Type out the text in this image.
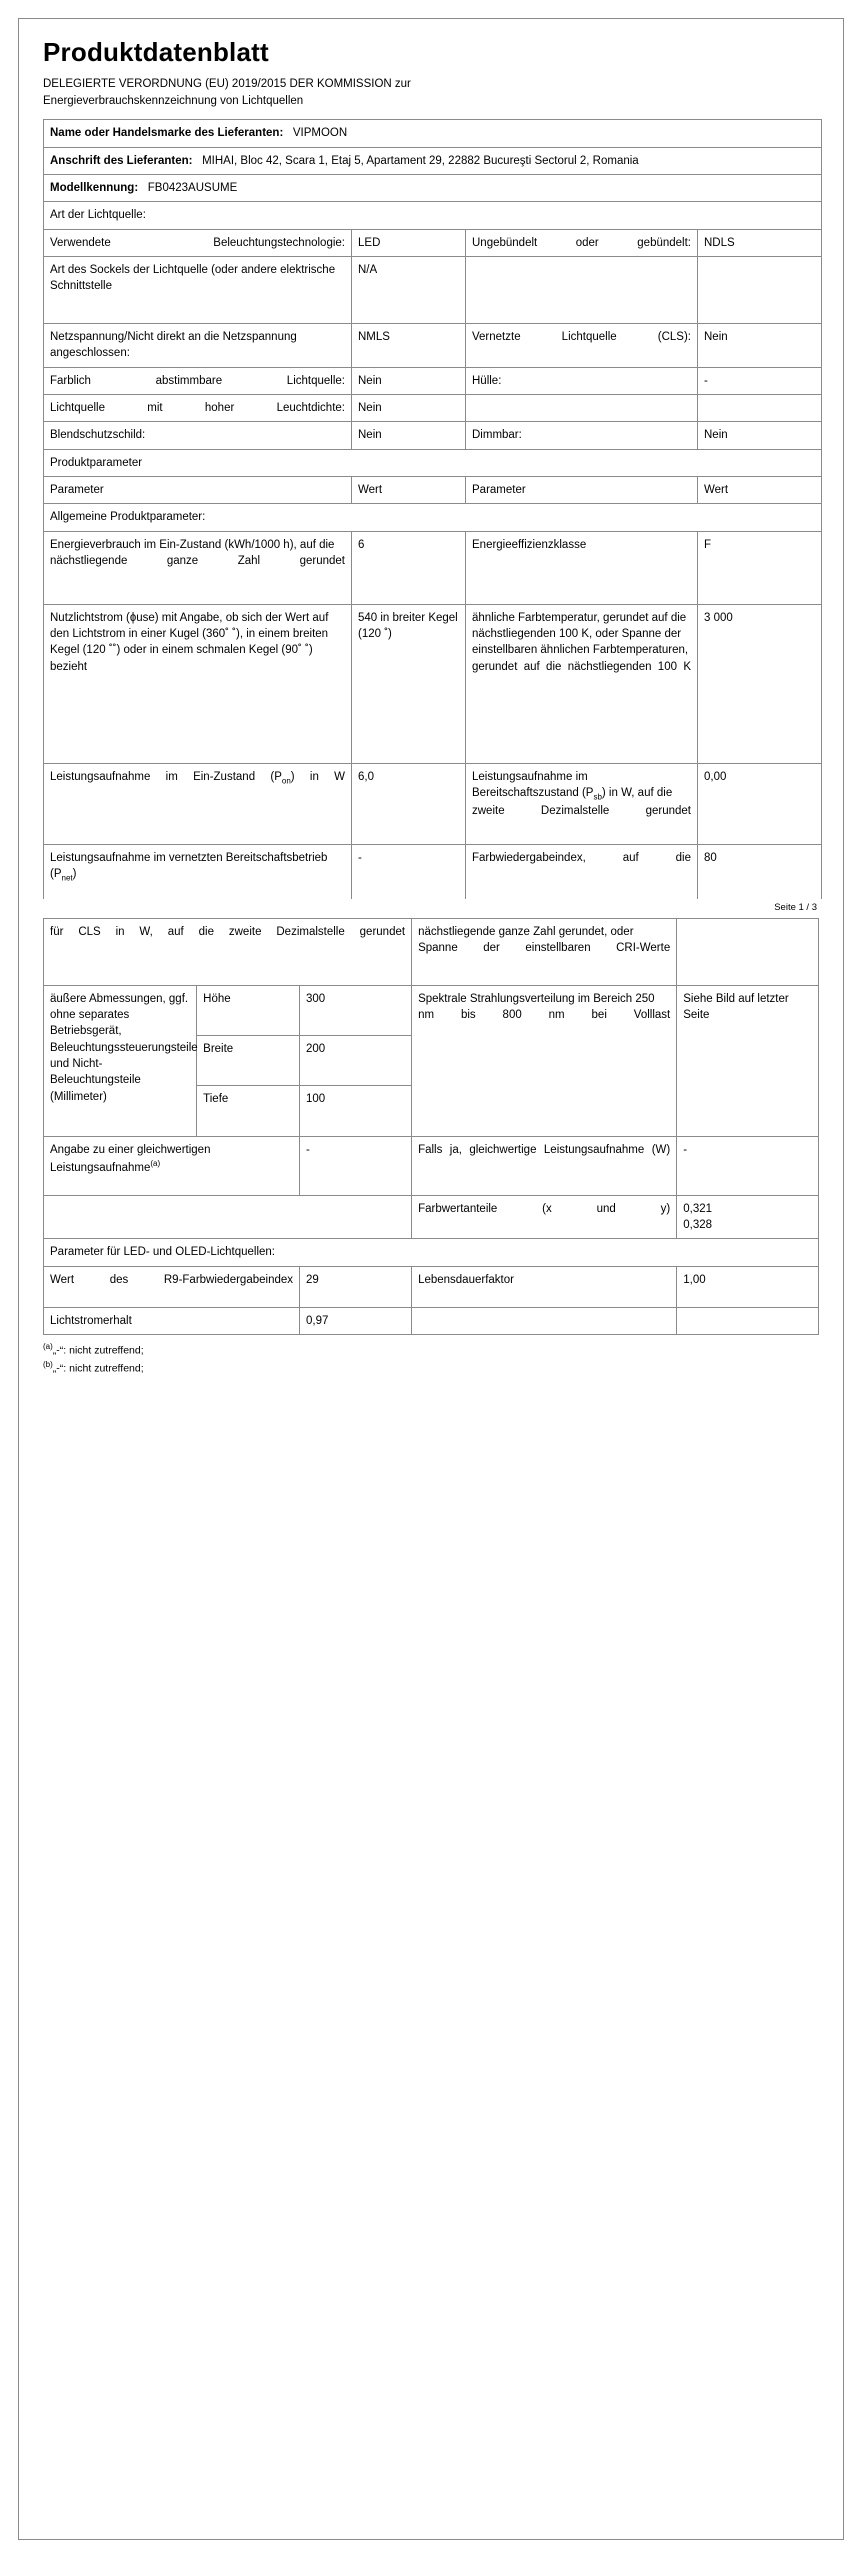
Produktdatenblatt
DELEGIERTE VERORDNUNG (EU) 2019/2015 DER KOMMISSION zur
Energieverbrauchskennzeichnung von Lichtquellen
Name oder Handelsmarke des Lieferanten: VIPMOON			
Anschrift des Lieferanten: MIHAI, Bloc 42, Scara 1, Etaj 5, Apartament 29, 22882 Bucureşti Sectorul 2, Romania			
Modellkennung: FB0423AUSUME			
Art der Lichtquelle:			
Verwendete Beleuchtungstechnologie:	LED	Ungebündelt oder gebündelt:	NDLS
Art des Sockels der Lichtquelle (oder andere elektrische Schnittstelle	N/A		
Netzspannung/Nicht direkt an die Netzspannung angeschlossen:	NMLS	Vernetzte Lichtquelle (CLS):	Nein
Farblich abstimmbare Lichtquelle:	Nein	Hülle:	-
Lichtquelle mit hoher Leuchtdichte:	Nein		
Blendschutzschild:	Nein	Dimmbar:	Nein
Produktparameter			
Parameter	Wert	Parameter	Wert
Allgemeine Produktparameter:			
Energieverbrauch im Ein-Zustand (kWh/1000 h), auf die nächstliegende ganze Zahl gerundet	6	Energieeffizienzklasse	F
Nutzlichtstrom (ɸuse) mit Angabe, ob sich der Wert auf den Lichtstrom in einer Kugel (360˚ ˚), in einem breiten Kegel (120 ˚˚) oder in einem schmalen Kegel (90˚ ˚) bezieht	540 in breiter Kegel (120 ˚)	ähnliche Farbtemperatur, gerundet auf die nächstliegenden 100 K, oder Spanne der einstellbaren ähnlichen Farbtemperaturen, gerundet auf die nächstliegenden 100 K	3 000
Leistungsaufnahme im Ein-Zustand $(P_{on})$ in W	6,0	Leistungsaufnahme im Bereitschaftszustand $(P_{sb})$ in W, auf die zweite Dezimalstelle gerundet	0,00
Leistungsaufnahme im vernetzten Bereitschaftsbetrieb $(P_{net})$	-	Farbwiedergabeindex, auf die	80
Seite 1 / 3
für CLS in W, auf die zweite Dezimalstelle gerundet			nächstliegende ganze Zahl gerundet, oder Spanne der einstellbaren CRI-Werte	
äußere Abmessungen, ggf. ohne separates Betriebsgerät, Beleuchtungssteuerungsteile und Nicht-Beleuchtungsteile (Millimeter)	Höhe	300	Spektrale Strahlungsverteilung im Bereich 250 nm bis 800 nm bei Volllast	Siehe Bild auf letzter Seite
	Breite	200		
	Tiefe	100		
Angabe zu einer gleichwertigen Leistungsaufnahme$^{(a)}$		-	Falls ja, gleichwertige Leistungsaufnahme (W)	-
			Farbwertanteile (x und y)	0,321
0,328
Parameter für LED- und OLED-Lichtquellen:				
Wert des R9-Farbwiedergabeindex		29	Lebensdauerfaktor	1,00
Lichtstromerhalt		0,97		
$^{(a)}$„-“: nicht zutreffend;
$^{(b)}$„-“: nicht zutreffend;
